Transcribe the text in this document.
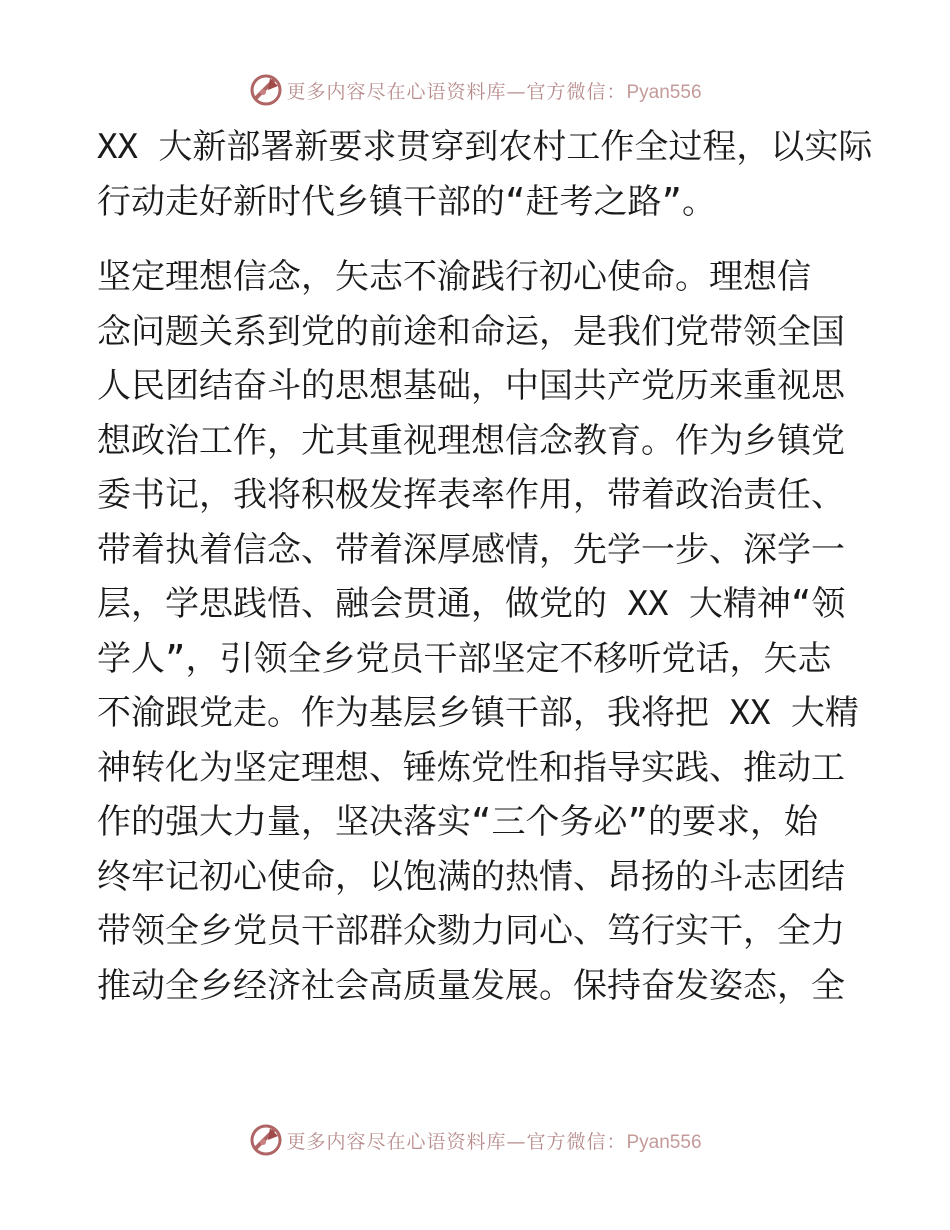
更多内容尽在心语资料库—官方微信：Pyan556

XX 大新部署新要求贯穿到农村工作全过程，以实际
行动走好新时代乡镇干部的“赶考之路”。

坚定理想信念，矢志不渝践行初心使命。理想信
念问题关系到党的前途和命运，是我们党带领全国
人民团结奋斗的思想基础，中国共产党历来重视思
想政治工作，尤其重视理想信念教育。作为乡镇党
委书记，我将积极发挥表率作用，带着政治责任、
带着执着信念、带着深厚感情，先学一步、深学一
层，学思践悟、融会贯通，做党的 XX 大精神“领
学人”，引领全乡党员干部坚定不移听党话，矢志
不渝跟党走。作为基层乡镇干部，我将把 XX 大精
神转化为坚定理想、锤炼党性和指导实践、推动工
作的强大力量，坚决落实“三个务必”的要求，始
终牢记初心使命，以饱满的热情、昂扬的斗志团结
带领全乡党员干部群众勠力同心、笃行实干，全力
推动全乡经济社会高质量发展。保持奋发姿态，全

更多内容尽在心语资料库—官方微信：Pyan556
